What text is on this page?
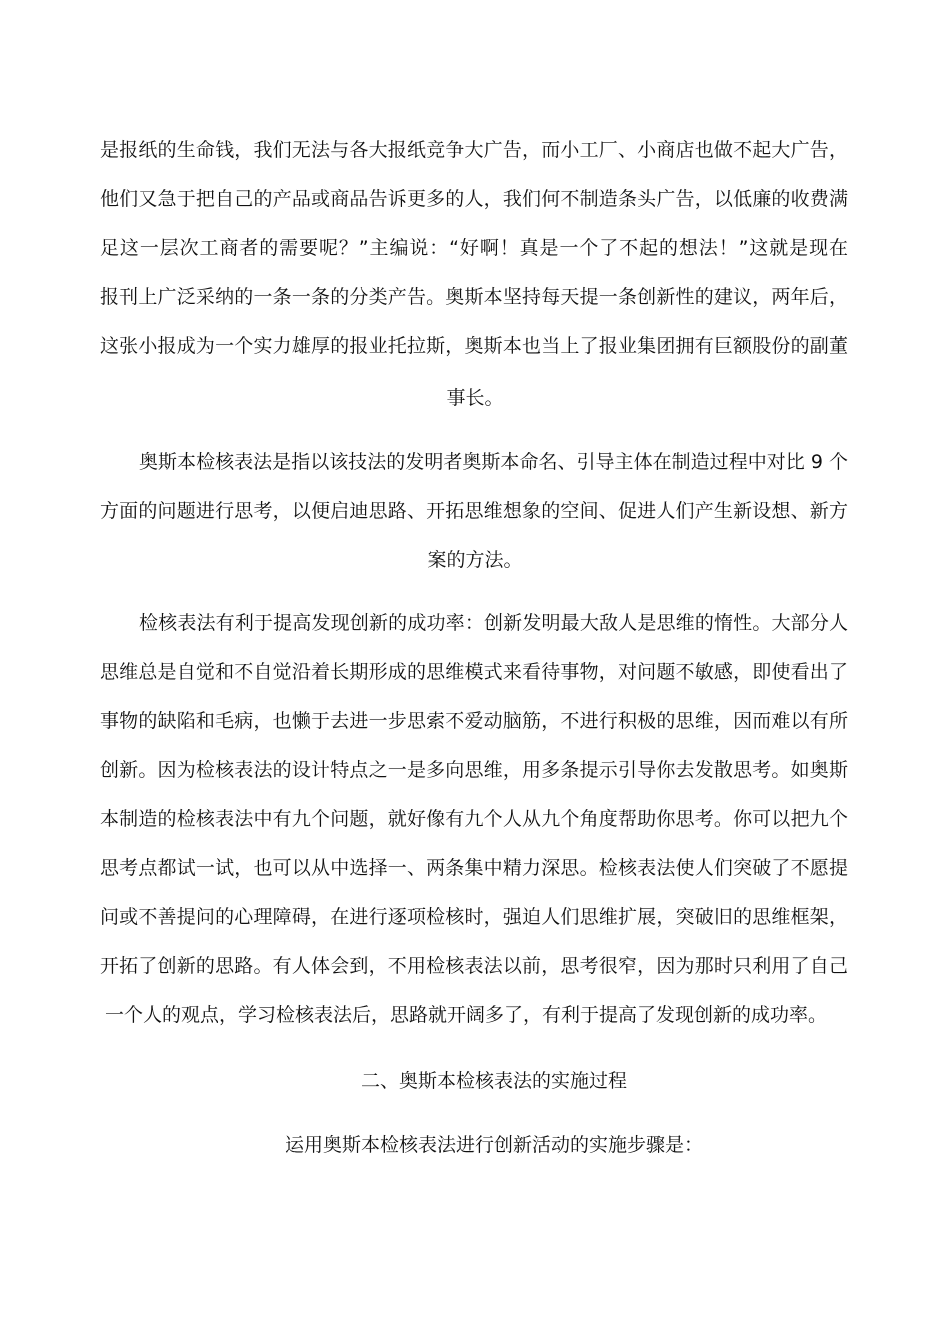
是报纸的生命钱，我们无法与各大报纸竞争大广告，而小工厂、小商店也做不起大广告，
他们又急于把自己的产品或商品告诉更多的人，我们何不制造条头广告，以低廉的收费满
足这一层次工商者的需要呢？”主编说：“好啊！真是一个了不起的想法！”这就是现在
报刊上广泛采纳的一条一条的分类产告。奥斯本坚持每天提一条创新性的建议，两年后，
这张小报成为一个实力雄厚的报业托拉斯，奥斯本也当上了报业集团拥有巨额股份的副董
事长。
奥斯本检核表法是指以该技法的发明者奥斯本命名、引导主体在制造过程中对比 9 个
方面的问题进行思考，以便启迪思路、开拓思维想象的空间、促进人们产生新设想、新方
案的方法。
检核表法有利于提高发现创新的成功率：创新发明最大敌人是思维的惰性。大部分人
思维总是自觉和不自觉沿着长期形成的思维模式来看待事物，对问题不敏感，即使看出了
事物的缺陷和毛病，也懒于去进一步思索不爱动脑筋，不进行积极的思维，因而难以有所
创新。因为检核表法的设计特点之一是多向思维，用多条提示引导你去发散思考。如奥斯
本制造的检核表法中有九个问题，就好像有九个人从九个角度帮助你思考。你可以把九个
思考点都试一试，也可以从中选择一、两条集中精力深思。检核表法使人们突破了不愿提
问或不善提问的心理障碍，在进行逐项检核时，强迫人们思维扩展，突破旧的思维框架，
开拓了创新的思路。有人体会到，不用检核表法以前，思考很窄，因为那时只利用了自己
一个人的观点，学习检核表法后，思路就开阔多了，有利于提高了发现创新的成功率。
二、奥斯本检核表法的实施过程
运用奥斯本检核表法进行创新活动的实施步骤是：
